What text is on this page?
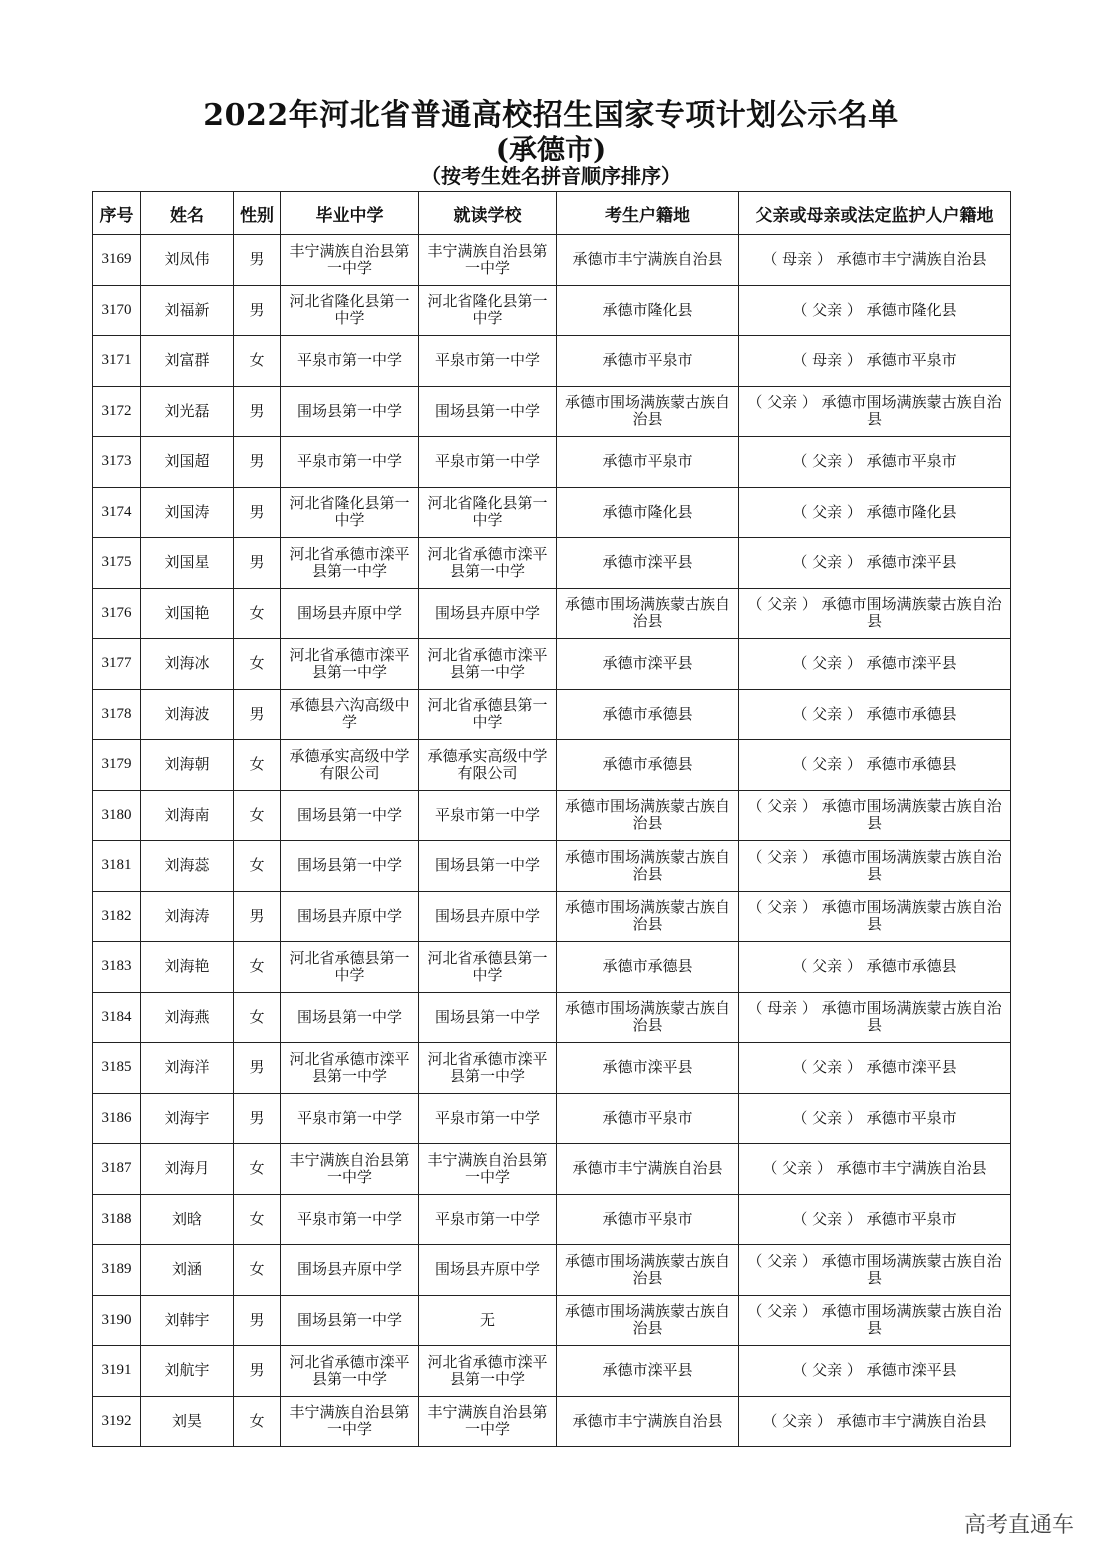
2022年河北省普通高校招生国家专项计划公示名单
(承德市)
（按考生姓名拼音顺序排序）
序号	姓名	性别	毕业中学	就读学校	考生户籍地	父亲或母亲或法定监护人户籍地
3169	刘凤伟	男	丰宁满族自治县第一中学	丰宁满族自治县第一中学	承德市丰宁满族自治县	（ 母亲 ） 承德市丰宁满族自治县
3170	刘福新	男	河北省隆化县第一中学	河北省隆化县第一中学	承德市隆化县	（ 父亲 ） 承德市隆化县
3171	刘富群	女	平泉市第一中学	平泉市第一中学	承德市平泉市	（ 母亲 ） 承德市平泉市
3172	刘光磊	男	围场县第一中学	围场县第一中学	承德市围场满族蒙古族自治县	（ 父亲 ） 承德市围场满族蒙古族自治县
3173	刘国超	男	平泉市第一中学	平泉市第一中学	承德市平泉市	（ 父亲 ） 承德市平泉市
3174	刘国涛	男	河北省隆化县第一中学	河北省隆化县第一中学	承德市隆化县	（ 父亲 ） 承德市隆化县
3175	刘国星	男	河北省承德市滦平县第一中学	河北省承德市滦平县第一中学	承德市滦平县	（ 父亲 ） 承德市滦平县
3176	刘国艳	女	围场县卉原中学	围场县卉原中学	承德市围场满族蒙古族自治县	（ 父亲 ） 承德市围场满族蒙古族自治县
3177	刘海冰	女	河北省承德市滦平县第一中学	河北省承德市滦平县第一中学	承德市滦平县	（ 父亲 ） 承德市滦平县
3178	刘海波	男	承德县六沟高级中学	河北省承德县第一中学	承德市承德县	（ 父亲 ） 承德市承德县
3179	刘海朝	女	承德承实高级中学有限公司	承德承实高级中学有限公司	承德市承德县	（ 父亲 ） 承德市承德县
3180	刘海南	女	围场县第一中学	平泉市第一中学	承德市围场满族蒙古族自治县	（ 父亲 ） 承德市围场满族蒙古族自治县
3181	刘海蕊	女	围场县第一中学	围场县第一中学	承德市围场满族蒙古族自治县	（ 父亲 ） 承德市围场满族蒙古族自治县
3182	刘海涛	男	围场县卉原中学	围场县卉原中学	承德市围场满族蒙古族自治县	（ 父亲 ） 承德市围场满族蒙古族自治县
3183	刘海艳	女	河北省承德县第一中学	河北省承德县第一中学	承德市承德县	（ 父亲 ） 承德市承德县
3184	刘海燕	女	围场县第一中学	围场县第一中学	承德市围场满族蒙古族自治县	（ 母亲 ） 承德市围场满族蒙古族自治县
3185	刘海洋	男	河北省承德市滦平县第一中学	河北省承德市滦平县第一中学	承德市滦平县	（ 父亲 ） 承德市滦平县
3186	刘海宇	男	平泉市第一中学	平泉市第一中学	承德市平泉市	（ 父亲 ） 承德市平泉市
3187	刘海月	女	丰宁满族自治县第一中学	丰宁满族自治县第一中学	承德市丰宁满族自治县	（ 父亲 ） 承德市丰宁满族自治县
3188	刘晗	女	平泉市第一中学	平泉市第一中学	承德市平泉市	（ 父亲 ） 承德市平泉市
3189	刘涵	女	围场县卉原中学	围场县卉原中学	承德市围场满族蒙古族自治县	（ 父亲 ） 承德市围场满族蒙古族自治县
3190	刘韩宇	男	围场县第一中学	无	承德市围场满族蒙古族自治县	（ 父亲 ） 承德市围场满族蒙古族自治县
3191	刘航宇	男	河北省承德市滦平县第一中学	河北省承德市滦平县第一中学	承德市滦平县	（ 父亲 ） 承德市滦平县
3192	刘昊	女	丰宁满族自治县第一中学	丰宁满族自治县第一中学	承德市丰宁满族自治县	（ 父亲 ） 承德市丰宁满族自治县
高考直通车
